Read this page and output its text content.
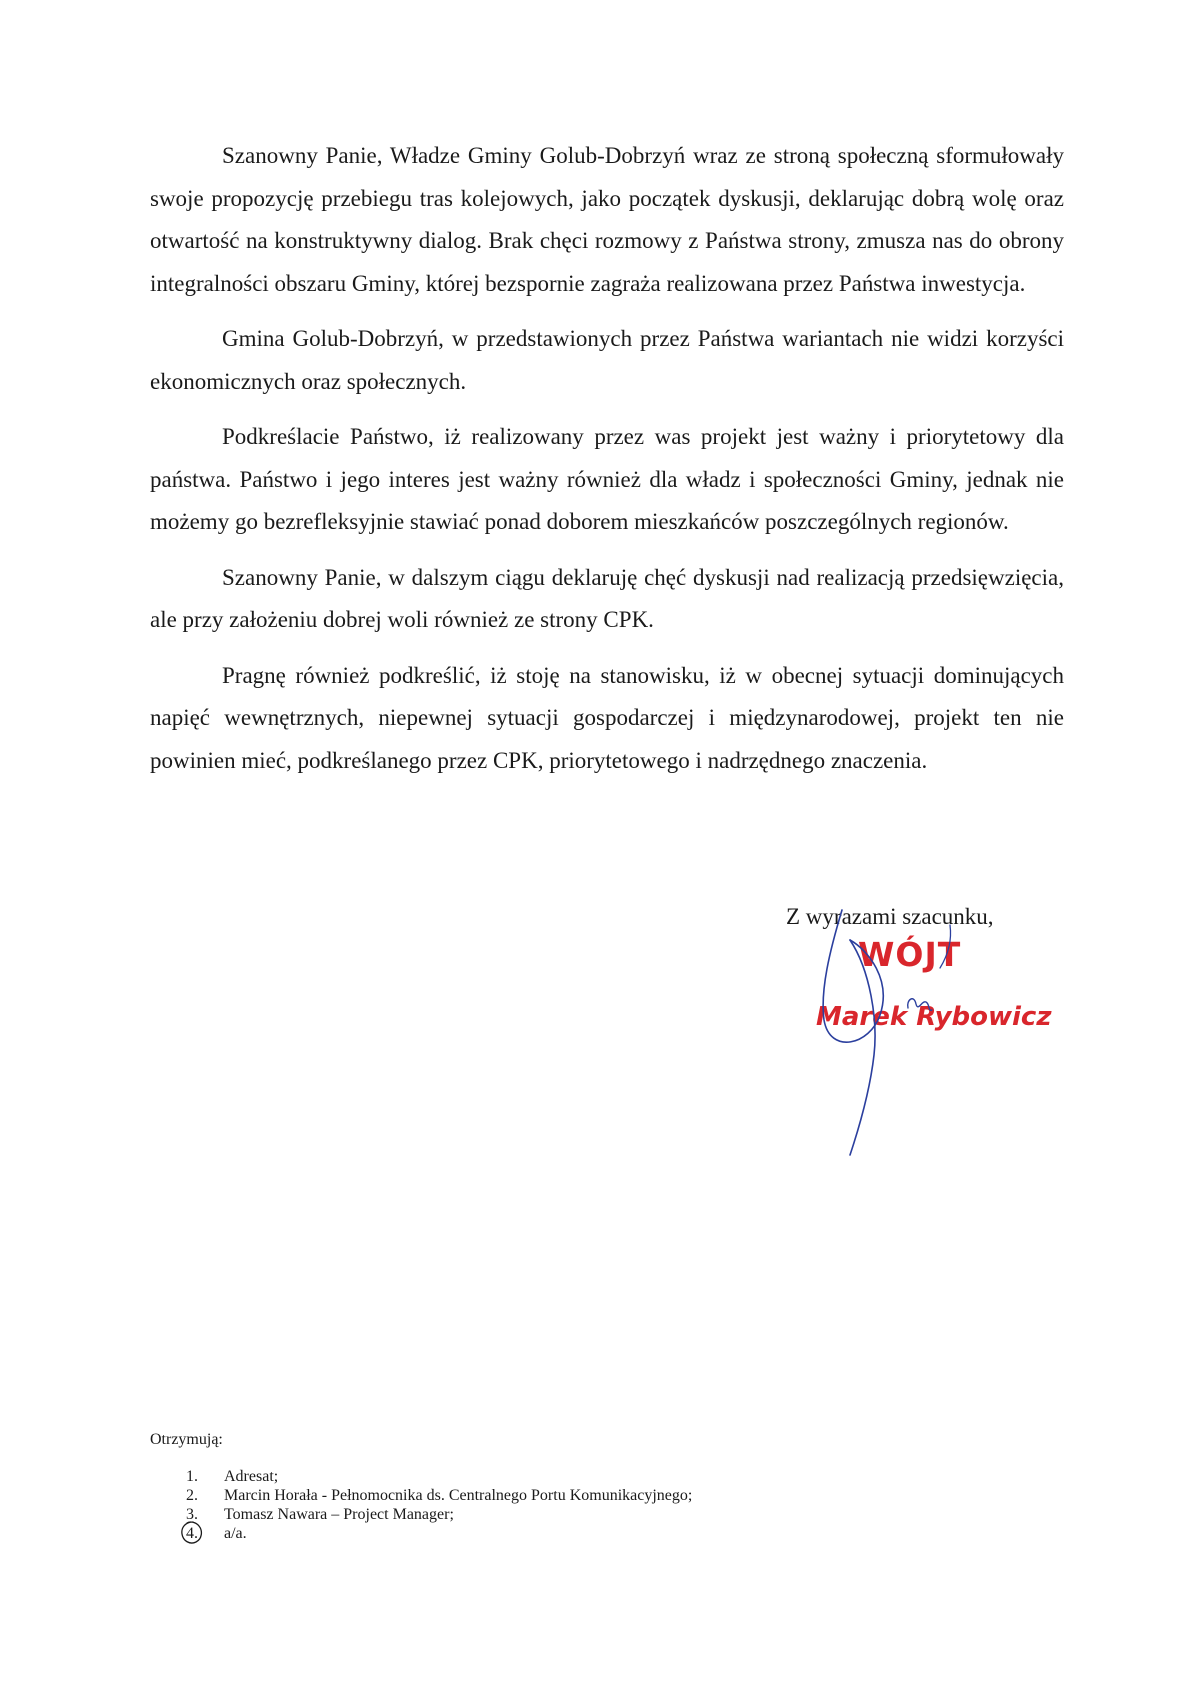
Szanowny Panie, Władze Gminy Golub-Dobrzyń wraz ze stroną społeczną sformułowały swoje propozycję przebiegu tras kolejowych, jako początek dyskusji, deklarując dobrą wolę oraz otwartość na konstruktywny dialog. Brak chęci rozmowy z Państwa strony, zmusza nas do obrony integralności obszaru Gminy, której bezspornie zagraża realizowana przez Państwa inwestycja.

Gmina Golub-Dobrzyń, w przedstawionych przez Państwa wariantach nie widzi korzyści ekonomicznych oraz społecznych.

Podkreślacie Państwo, iż realizowany przez was projekt jest ważny i priorytetowy dla państwa. Państwo i jego interes jest ważny również dla władz i społeczności Gminy, jednak nie możemy go bezrefleksyjnie stawiać ponad doborem mieszkańców poszczególnych regionów.

Szanowny Panie, w dalszym ciągu deklaruję chęć dyskusji nad realizacją przedsięwzięcia, ale przy założeniu dobrej woli również ze strony CPK.

Pragnę również podkreślić, iż stoję na stanowisku, iż w obecnej sytuacji dominujących napięć wewnętrznych, niepewnej sytuacji gospodarczej i międzynarodowej, projekt ten nie powinien mieć, podkreślanego przez CPK, priorytetowego i nadrzędnego znaczenia.

Z wyrazami szacunku,
WÓJT
Marek Rybowicz
Otrzymują:
1. Adresat;
2. Marcin Horała - Pełnomocnika ds. Centralnego Portu Komunikacyjnego;
3. Tomasz Nawara – Project Manager;
4. a/a.
